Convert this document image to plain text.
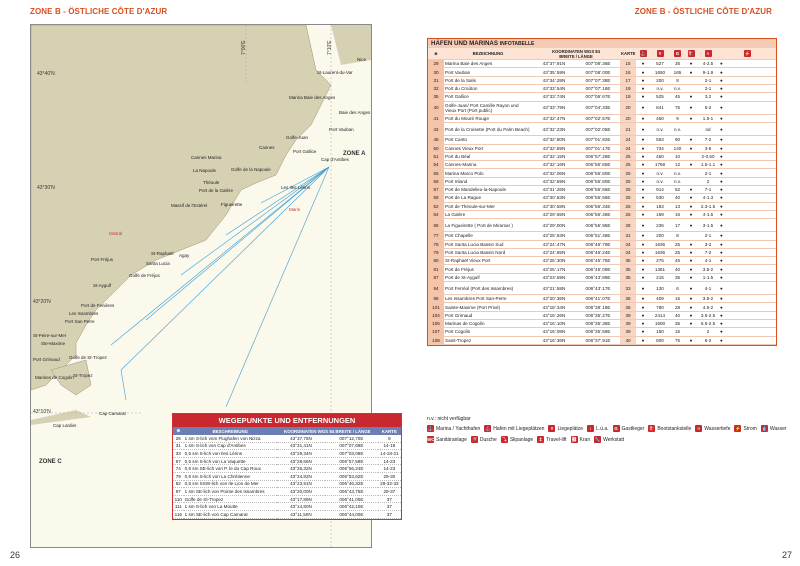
ZONE B - ÖSTLICHE CÔTE D'AZUR	ZONE B - ÖSTLICHE CÔTE D'AZUR
43°40'N
43°30'N
43°20'N
43°10'N
7°00'E	7°10'E
ZONE A
ZONE C
St-Laurent-du-Var
Nice
Baie des Anges
Marina Baie des Anges
Port Vauban
Golfe-Juan
Cannes
Port Gallice
Cap d'Antibes
Cannes Marina
La Napoule	Golfe de la Napoule
Théoule
Port de la Galère
Figueirette
Massif de l'Estérel
Les Iles Lérins
St-Raphaël
Santa Lucia
Agay
Port Fréjus
Golfe de Fréjus
St-Aygulf
Port de Fenières
Les Issambres
Port San Peïre
St-Peire-sur-Mer
Ste-Maxime
Port Grimaud Golfe de St-Tropez
St-Tropez
Marines de Cogolin
Cap Camarat
Cap Lardier
Mistral
Marin
WEGEPUNKTE UND ENTFERNUNGEN
⊕	BESCHREIBUNG	KOORDINATEN WGS 84 BREITE / LÄNGE		KARTE
26	1 sm S-lich vom Flughafen von Nizza	43°37,75N	007°12,70E	8
31	1 sm S-lich von Cap d'Antibes	43°31,41N	007°07,69E	14-18
33	0,5 sm S-lich von Iles Lérins	43°29,34N	007°03,08E	14-18-21
67	0,5 sm S-lich von La Vaquette	43°28,66N	006°57,58E	14-23
74	0,5 sm SE-lich von P. le du Cap Roux	43°26,32N	006°56,24E	14-23
79	0,5 sm S-lich von La Chrétienne	43°24,82N	006°53,62E	29-30
82	0,5 sm SSW-lich von Ile Lion de Mer	43°23,91N	006°46,32E	29-32-33
97	1 sm SE-lich von Pointe des Issambres	43°20,00N	006°43,75E	29-37
110	Golfe de St-Tropez	43°17,89N	006°41,00E	37
111	1 sm S-lich von La Moutte	43°14,80N	006°42,10E	37
116	1 sm SE-lich von Cap Camarat	43°11,50N	006°44,00E	37
HÄFEN UND MARINAS INFOTABELLE
⊕	BEZEICHNUNG	KOORDINATEN WGS 84
BREITE / LÄNGE		KARTE	⚓	#	G	⛽	≈	⚡
29	Marina Baie des Anges	43°37'.91N	007°08'.36E	15	●	527	35	●	4-2.5	●
30	Port Vauban	43°35'.59N	007°08'.00E	16	●	1650	165	●	9-1.9	●
31	Port de la Salis	43°34'.28N	007°07'.38E	17	●	200	8		2-1	●
32	Port du Croûton	43°33'.54N	007°07'.16E	19	●	n.v.	n.v.		2-1	●
35	Port Gallice	43°33'.74N	007°06'.67E	19	●	525	45	●	3.2	●
40	Golfe-Juan/ Port Camille Rayon und Vieux Port (Port public)	43°33'.79N	007°04'.33E	20	●	841	75	●	5-2	●
41	Port du Mouré Rouge	43°32'.47N	007°02'.57E	20	●	450	9	●	1.5-1	●
42	Port de la Croisette (Port du Palm Beach)	43°32'.23N	007°02'.05E	21	●	n.v.	n.v.		nd	●
48	Port Canto	43°32'.80N	007°01'.82E	24	●	553	90	●	7-2	●
50	Cannes Vieux Port	43°32'.89N	007°01'.17E	24	●	734	140	●	3-6	●
51	Port du Béal	43°32'.15N	006°57'.29E	25	●	450	10		2-0.50	●
54	Cannes-Marina	43°32'.16N	006°56'.65E	25	●	1769	12	●	1.5-1.1	●
55	Marina Marco Polo	43°32'.06N	006°56'.80E	25	●	n.v.	n.v.		2-1	●
56	Port Inland	43°32'.59N	006°56'.80E	25	●	n.v.	n.v.		2	●
57	Port de Mandelieu-la-Napoule	43°31'.26N	006°56'.66E	25	●	914	52	●	7-1	●
58	Port de La Rague	43°30'.83N	006°56'.56E	25	●	530	40	●	4-1.3	●
62	Port de Théoule-sur-Mer	43°30'.58N	006°56'.34E	26	●	183	13	●	2.3-1.5	●
64	La Galère	43°29'.65N	006°56'.48E	26	●	169	16	●	4-1.5	●
65	La Figueirette ( Port de Miramar )	43°29'.00N	006°55'.95E	28	●	236	17	●	3-1.5	●
77	Port Chapelle	43°25'.63N	006°51'.48E	31	●	200	8		2-1	●
78	Port Santa Lucia Bassin Sud	43°24'.47N	006°46'.79E	34	●	1636	25	●	3-2	●
79	Port Santa Lucia Bassin Nord	43°24'.85N	006°46'.24E	34	●	1636	25	●	7-2	●
80	St-Raphaël Vieux Port	43°25'.30N	006°45'.75E	35	●	275	45	●	4-1	●
81	Port de Fréjus	43°25'.17N	006°45'.09E	35	●	1361	40	●	3.5-2	●
87	Port de St-Aygulf	43°23'.59N	006°43'.89E	35	●	215	35	●	1-1.5	●
94	Port Ferréol (Port des Issambres)	43°21'.58N	006°43'.17E	33	●	130	6	●	4-1	●
96	Les Issambres Port San-Peïre	43°20'.36N	006°41'.07E	36	●	409	15	●	3.5-2	●
101	Sainte-Maxime (Port Privé)	43°18'.34N	006°38'.19E	36	●	780	28	●	4.5-2	●
104	Port Grimaud	43°16'.26N	006°35'.27E	39	●	2414	40	●	3.5-2.5	●
105	Marinas de Cogolin	43°16'.10N	006°35'.36E	39	●	1600	35	●	6.5-2.5	●
107	Port Cogolin	43°16'.08N	006°35'.59E	39	●	150	15		2	●
108	Saint-Tropez	43°16'.36N	006°37'.91E	40	●	800	75	●	6-2	●
n.v.: nicht verfügbar
⚓ Marina / Yachthafen ⚓ Hafen mit Liegeplätzen	# Liegeplätze	↕ L.ü.a.	G Gastlieger ⛽ Bootstankstelle	≈ Wassertiefe ⚡ Strom 💧 Wasser
WC Sanitäranlage 🚿 Dusche ⤵ Slipanlage	↥ Travel-lift ⛓ Kran 🔧 Werkstatt
26	27
